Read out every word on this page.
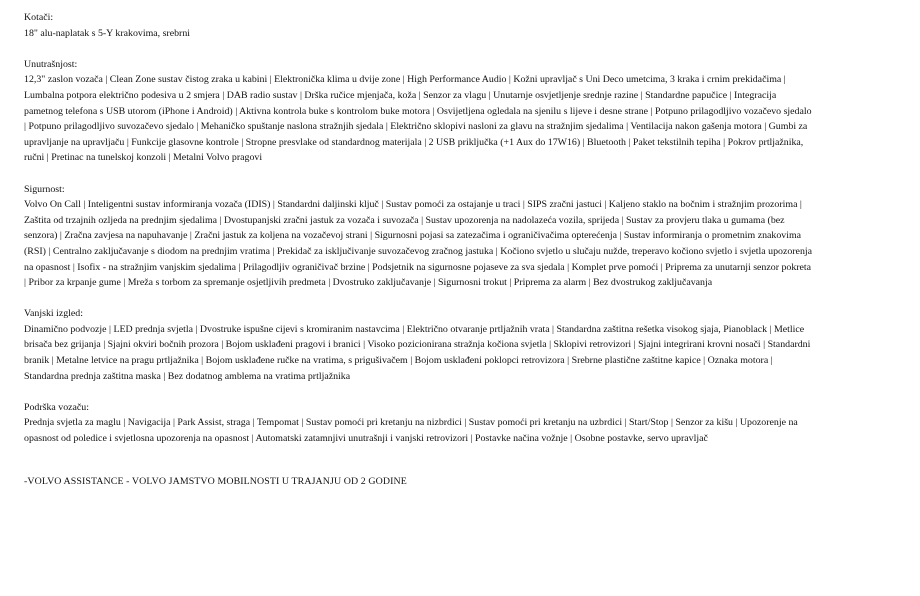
Kotači:
18" alu-naplatak s 5-Y krakovima, srebrni
Unutrašnjost:
12,3" zaslon vozača | Clean Zone sustav čistog zraka u kabini | Elektronička klima u dvije zone | High Performance Audio | Kožni upravljač s Uni Deco umetcima, 3 kraka i crnim prekidačima | Lumbalna potpora električno podesiva u 2 smjera | DAB radio sustav | Drška ručice mjenjača, koža | Senzor za vlagu | Unutarnje osvjetljenje srednje razine | Standardne papučice | Integracija pametnog telefona s USB utorom (iPhone i Android) | Aktivna kontrola buke s kontrolom buke motora | Osvijetljena ogledala na sjenilu s lijeve i desne strane | Potpuno prilagodljivo vozačevo sjedalo | Potpuno prilagodljivo suvozačevo sjedalo | Mehaničko spuštanje naslona stražnjih sjedala | Električno sklopivi nasloni za glavu na stražnjim sjedalima | Ventilacija nakon gašenja motora | Gumbi za upravljanje na upravljaču | Funkcije glasovne kontrole | Stropne presvlake od standardnog materijala | 2 USB priključka (+1 Aux do 17W16) | Bluetooth | Paket tekstilnih tepiha | Pokrov prtljažnika, ručni | Pretinac na tunelskoj konzoli | Metalni Volvo pragovi
Sigurnost:
Volvo On Call | Inteligentni sustav informiranja vozača (IDIS) | Standardni daljinski ključ | Sustav pomoći za ostajanje u traci | SIPS zračni jastuci | Kaljeno staklo na bočnim i stražnjim prozorima | Zaštita od trzajnih ozljeda na prednjim sjedalima | Dvostupanjski zračni jastuk za vozača i suvozača | Sustav upozorenja na nadolazeća vozila, sprijeda | Sustav za provjeru tlaka u gumama (bez senzora) | Zračna zavjesa na napuhavanje | Zračni jastuk za koljena na vozačevoj strani | Sigurnosni pojasi sa zatezačima i ograničivačima opterećenja | Sustav informiranja o prometnim znakovima (RSI) | Centralno zaključavanje s diodom na prednjim vratima | Prekidač za isključivanje suvozačevog zračnog jastuka | Kočiono svjetlo u slučaju nužde, treperavo kočiono svjetlo i svjetla upozorenja na opasnost | Isofix - na stražnjim vanjskim sjedalima | Prilagodljiv ograničivač brzine | Podsjetnik na sigurnosne pojaseve za sva sjedala | Komplet prve pomoći | Priprema za unutarnji senzor pokreta | Pribor za krpanje gume | Mreža s torbom za spremanje osjetljivih predmeta | Dvostruko zaključavanje | Sigurnosni trokut | Priprema za alarm | Bez dvostrukog zaključavanja
Vanjski izgled:
Dinamično podvozje | LED prednja svjetla | Dvostruke ispušne cijevi s kromiranim nastavcima | Električno otvaranje prtljažnih vrata | Standardna zaštitna rešetka visokog sjaja, Pianoblack | Metlice brisača bez grijanja | Sjajni okviri bočnih prozora | Bojom usklađeni pragovi i branici | Visoko pozicionirana stražnja kočiona svjetla | Sklopivi retrovizori | Sjajni integrirani krovni nosači | Standardni branik | Metalne letvice na pragu prtljažnika | Bojom usklađene ručke na vratima, s prigušivačem | Bojom usklađeni poklopci retrovizora | Srebrne plastične zaštitne kapice | Oznaka motora | Standardna prednja zaštitna maska | Bez dodatnog amblema na vratima prtljažnika
Podrška vozaču:
Prednja svjetla za maglu | Navigacija | Park Assist, straga | Tempomat | Sustav pomoći pri kretanju na nizbrdici | Sustav pomoći pri kretanju na uzbrdici | Start/Stop | Senzor za kišu | Upozorenje na opasnost od poledice i svjetlosna upozorenja na opasnost | Automatski zatamnjivi unutrašnji i vanjski retrovizori | Postavke načina vožnje | Osobne postavke, servo upravljač
-VOLVO ASSISTANCE - VOLVO JAMSTVO MOBILNOSTI U TRAJANJU OD 2 GODINE
